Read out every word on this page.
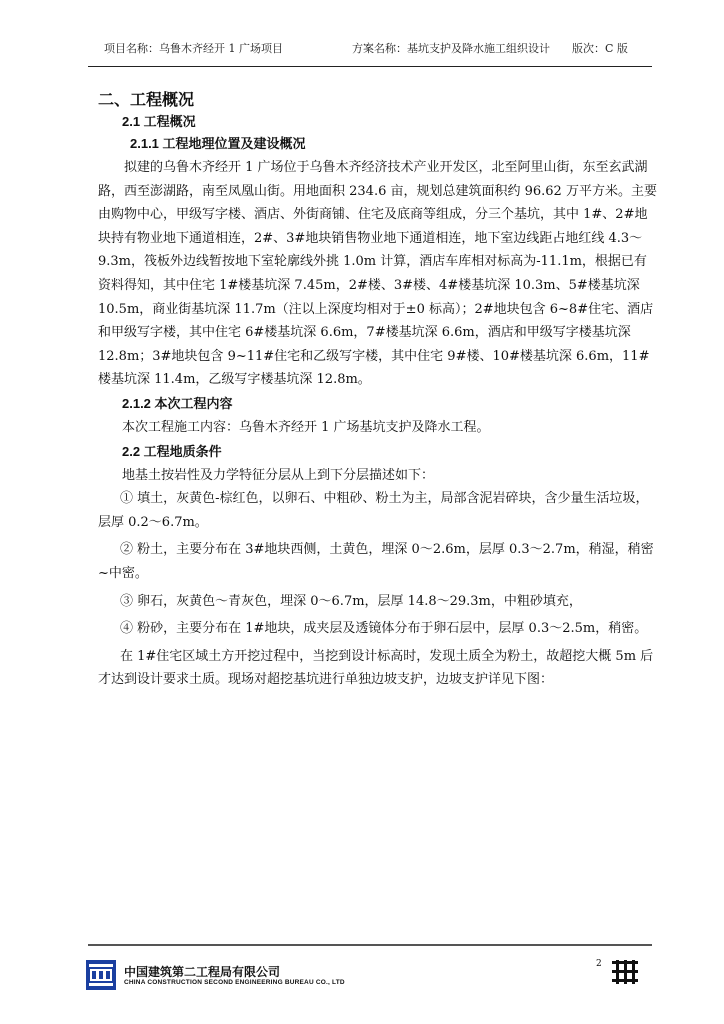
项目名称：乌鲁木齐经开 1 广场项目	方案名称：基坑支护及降水施工组织设计 版次：C 版
二、工程概况
2.1 工程概况
2.1.1 工程地理位置及建设概况

拟建的乌鲁木齐经开 1 广场位于乌鲁木齐经济技术产业开发区，北至阿里山街，东至玄武湖路，西至澎湖路，南至凤凰山街。用地面积 234.6 亩，规划总建筑面积约 96.62 万平方米。主要由购物中心，甲级写字楼、酒店、外街商铺、住宅及底商等组成，分三个基坑，其中 1#、2#地块持有物业地下通道相连，2#、3#地块销售物业地下通道相连，地下室边线距占地红线 4.3～9.3m，筏板外边线暂按地下室轮廓线外挑 1.0m 计算，酒店车库相对标高为-11.1m，根据已有资料得知，其中住宅 1#楼基坑深 7.45m，2#楼、3#楼、4#楼基坑深 10.3m、5#楼基坑深 10.5m，商业街基坑深 11.7m（注以上深度均相对于±0 标高）；2#地块包含 6~8#住宅、酒店和甲级写字楼，其中住宅 6#楼基坑深 6.6m，7#楼基坑深 6.6m，酒店和甲级写字楼基坑深 12.8m；3#地块包含 9~11#住宅和乙级写字楼，其中住宅 9#楼、10#楼基坑深 6.6m，11#楼基坑深 11.4m，乙级写字楼基坑深 12.8m。

2.1.2 本次工程内容

本次工程施工内容：乌鲁木齐经开 1 广场基坑支护及降水工程。

2.2 工程地质条件

地基土按岩性及力学特征分层从上到下分层描述如下：

① 填土，灰黄色-棕红色，以卵石、中粗砂、粉土为主，局部含泥岩碎块，含少量生活垃圾，层厚 0.2～6.7m。

② 粉土，主要分布在 3#地块西侧，土黄色，埋深 0～2.6m，层厚 0.3～2.7m，稍湿，稍密~中密。

③ 卵石，灰黄色～青灰色，埋深 0～6.7m，层厚 14.8～29.3m，中粗砂填充，

④ 粉砂，主要分布在 1#地块，成夹层及透镜体分布于卵石层中，层厚 0.3～2.5m，稍密。

在 1#住宅区域土方开挖过程中，当挖到设计标高时，发现土质全为粉土，故超挖大概 5m 后才达到设计要求土质。现场对超挖基坑进行单独边坡支护，边坡支护详见下图：

中国建筑第二工程局有限公司
CHINA CONSTRUCTION SECOND ENGINEERING BUREAU CO., LTD
2
